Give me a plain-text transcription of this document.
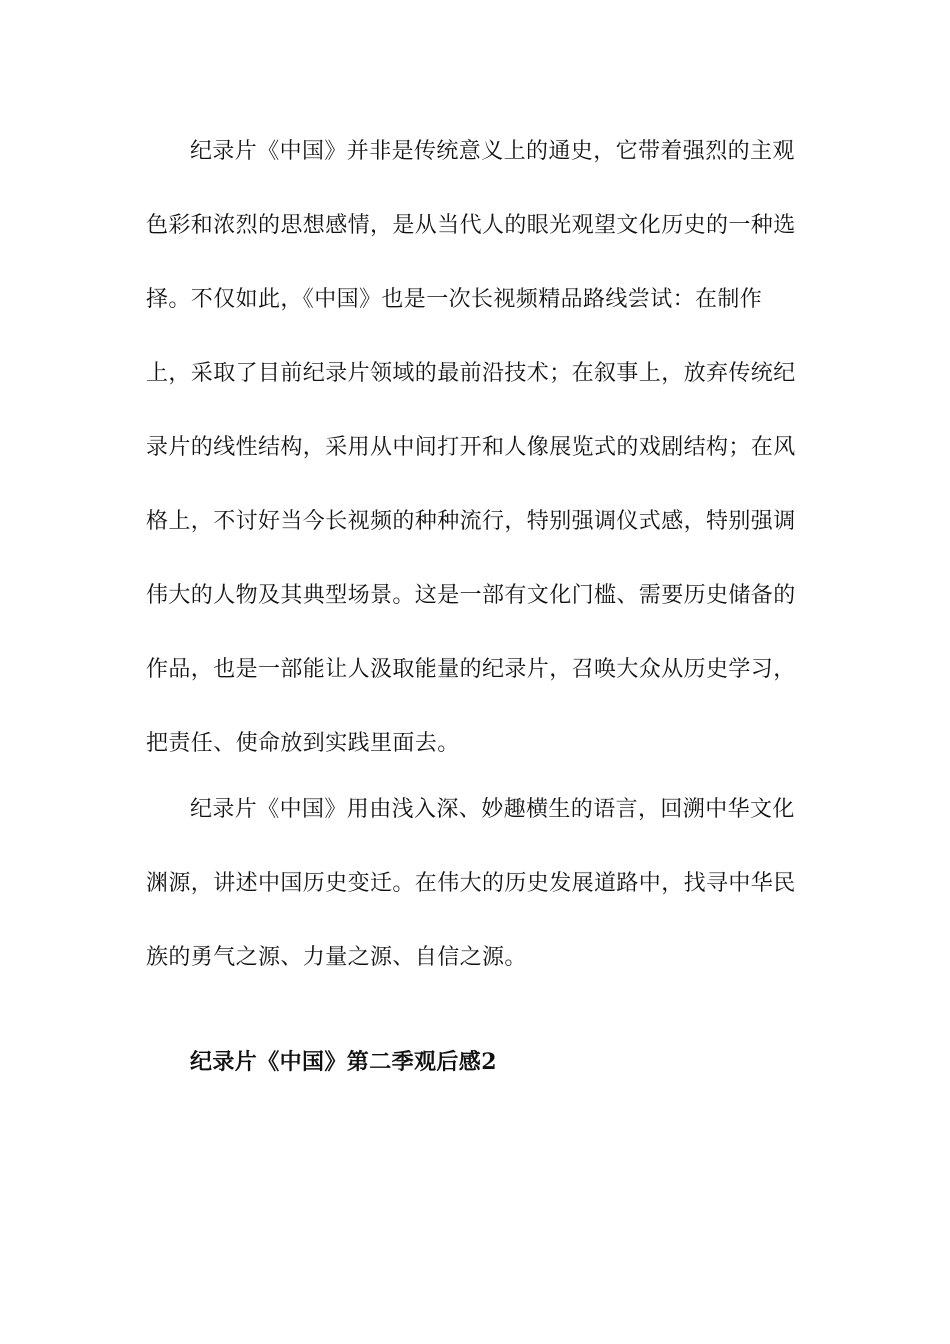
纪录片《中国》并非是传统意义上的通史，它带着强烈的主观
色彩和浓烈的思想感情，是从当代人的眼光观望文化历史的一种选
择。不仅如此，《中国》也是一次长视频精品路线尝试：在制作
上，采取了目前纪录片领域的最前沿技术；在叙事上，放弃传统纪
录片的线性结构，采用从中间打开和人像展览式的戏剧结构；在风
格上，不讨好当今长视频的种种流行，特别强调仪式感，特别强调
伟大的人物及其典型场景。这是一部有文化门槛、需要历史储备的
作品，也是一部能让人汲取能量的纪录片，召唤大众从历史学习，
把责任、使命放到实践里面去。
纪录片《中国》用由浅入深、妙趣横生的语言，回溯中华文化
渊源，讲述中国历史变迁。在伟大的历史发展道路中，找寻中华民
族的勇气之源、力量之源、自信之源。
纪录片《中国》第二季观后感2
